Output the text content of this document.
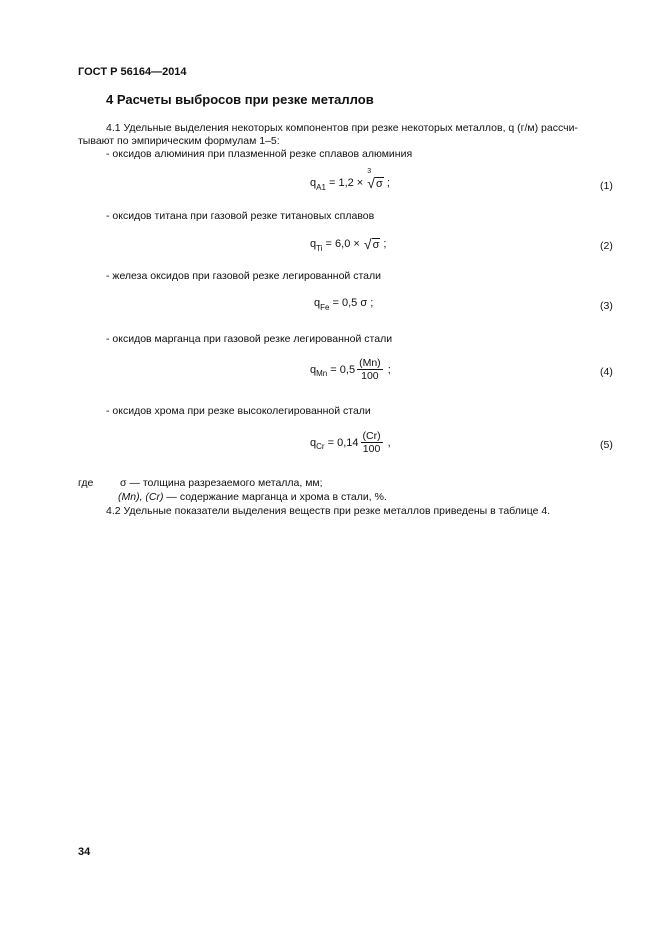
ГОСТ Р 56164—2014
4 Расчеты выбросов при резке металлов
4.1 Удельные выделения некоторых компонентов при резке некоторых металлов, q (г/м) рассчи-
тывают по эмпирическим формулам 1–5:
- оксидов алюминия при плазменной резке сплавов алюминия
q A1 = 1,2 ×
3
√ σ ;	(1)
- оксидов титана при газовой резке титановых сплавов
q Ti = 6,0 × √ σ ;	(2)
- железа оксидов при газовой резке легированной стали
q Fe = 0,5 σ ;	(3)
- оксидов марганца при газовой резке легированной стали
q $Mn = 0,5 \frac{(Mn)}{100}$ ;	(4)
- оксидов хрома при резке высоколегированной стали
q $Cr = 0,14 \frac{(Cr)}{100}$ ,	(5)
где	σ — толщина разрезаемого металла, мм;
(Mn), (Cr) — содержание марганца и хрома в стали, %.
4.2 Удельные показатели выделения веществ при резке металлов приведены в таблице 4.
34
